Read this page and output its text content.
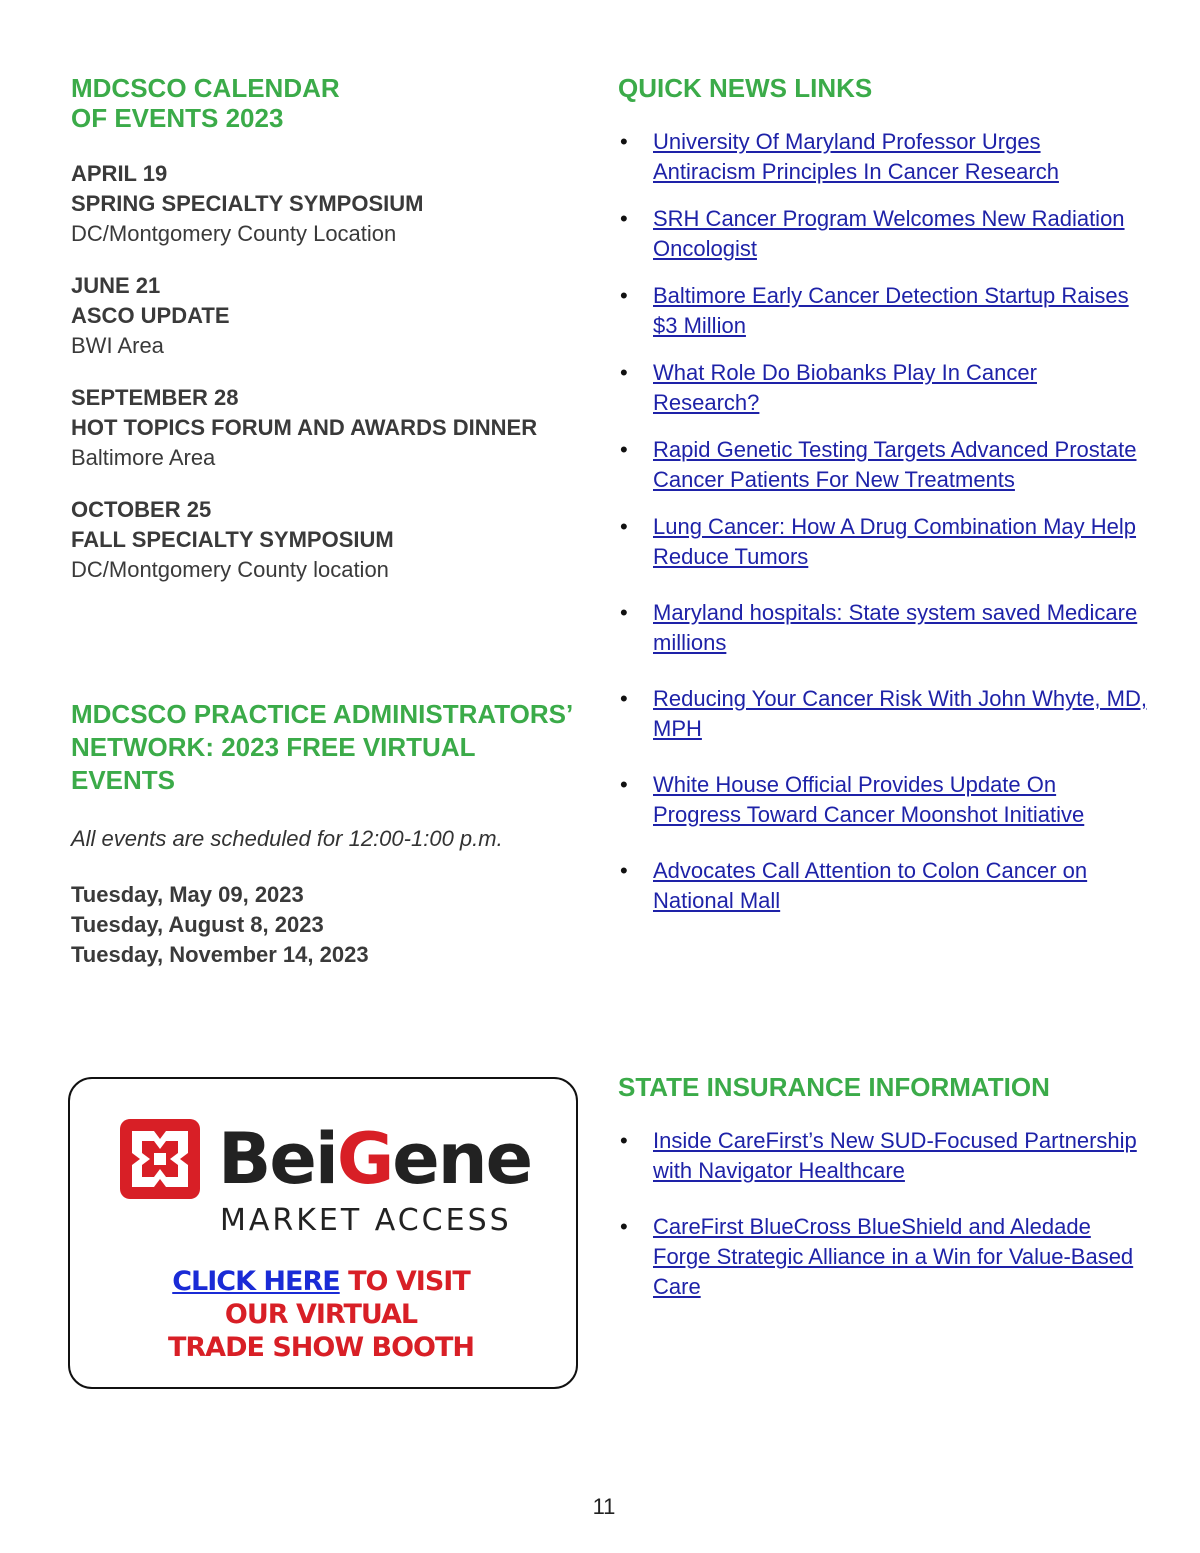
MDCSCO CALENDAR
OF EVENTS 2023
APRIL 19
SPRING SPECIALTY SYMPOSIUM
DC/Montgomery County Location
JUNE 21
ASCO UPDATE
BWI Area
SEPTEMBER 28
HOT TOPICS FORUM AND AWARDS DINNER
Baltimore Area
OCTOBER 25
FALL SPECIALTY SYMPOSIUM
DC/Montgomery County location
MDCSCO PRACTICE ADMINISTRATORS’
NETWORK: 2023 FREE VIRTUAL EVENTS
All events are scheduled for 12:00-1:00 p.m.
Tuesday, May 09, 2023
Tuesday, August 8, 2023
Tuesday, November 14, 2023
QUICK NEWS LINKS
• University Of Maryland Professor Urges Antiracism Principles In Cancer Research
• SRH Cancer Program Welcomes New Radiation Oncologist
• Baltimore Early Cancer Detection Startup Raises $3 Million
• What Role Do Biobanks Play In Cancer Research?
• Rapid Genetic Testing Targets Advanced Prostate Cancer Patients For New Treatments
• Lung Cancer: How A Drug Combination May Help Reduce Tumors
• Maryland hospitals: State system saved Medicare millions
• Reducing Your Cancer Risk With John Whyte, MD, MPH
• White House Official Provides Update On Progress Toward Cancer Moonshot Initiative
• Advocates Call Attention to Colon Cancer on National Mall
BeiGene
MARKET ACCESS
CLICK HERE TO VISIT
OUR VIRTUAL
TRADE SHOW BOOTH
STATE INSURANCE INFORMATION
• Inside CareFirst’s New SUD-Focused Partnership with Navigator Healthcare
• CareFirst BlueCross BlueShield and Aledade Forge Strategic Alliance in a Win for Value-Based Care
11
